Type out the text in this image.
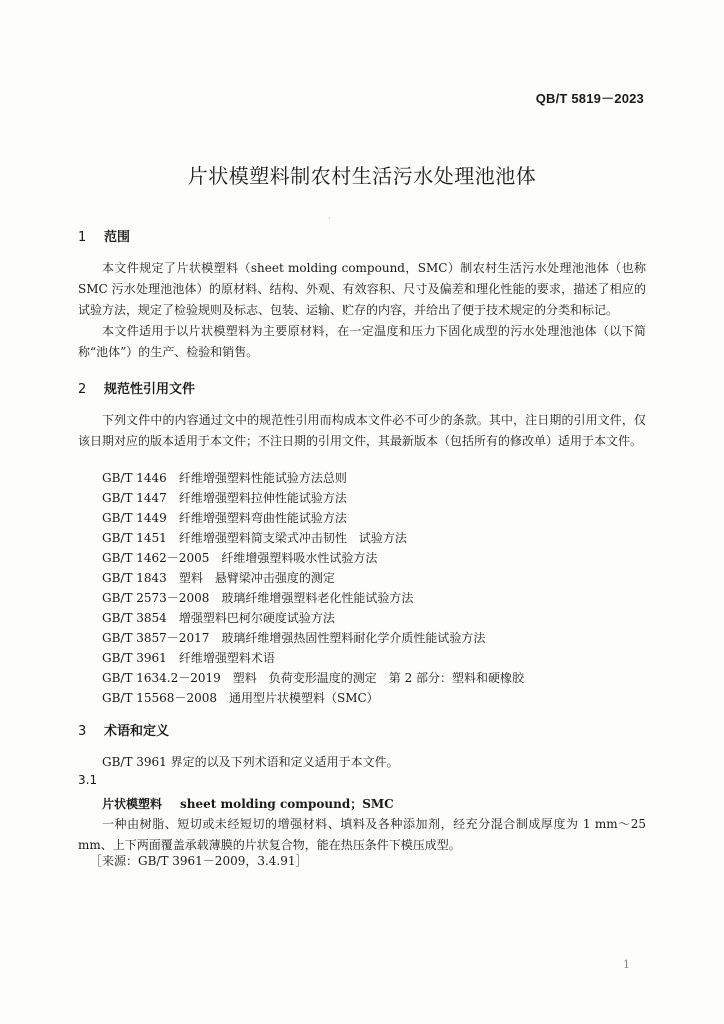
QB/T 5819－2023
片状模塑料制农村生活污水处理池池体
·
1 范围

本文件规定了片状模塑料（sheet molding compound，SMC）制农村生活污水处理池池体（也称 SMC 污水处理池池体）的原材料、结构、外观、有效容积、尺寸及偏差和理化性能的要求，描述了相应的试验方法，规定了检验规则及标志、包装、运输、贮存的内容，并给出了便于技术规定的分类和标记。

本文件适用于以片状模塑料为主要原材料，在一定温度和压力下固化成型的污水处理池池体（以下简称“池体”）的生产、检验和销售。

2 规范性引用文件

下列文件中的内容通过文中的规范性引用而构成本文件必不可少的条款。其中，注日期的引用文件，仅该日期对应的版本适用于本文件；不注日期的引用文件，其最新版本（包括所有的修改单）适用于本文件。

GB/T 1446 纤维增强塑料性能试验方法总则
GB/T 1447 纤维增强塑料拉伸性能试验方法
GB/T 1449 纤维增强塑料弯曲性能试验方法
GB/T 1451 纤维增强塑料简支梁式冲击韧性　试验方法
GB/T 1462－2005 纤维增强塑料吸水性试验方法
GB/T 1843 塑料　悬臂梁冲击强度的测定
GB/T 2573－2008 玻璃纤维增强塑料老化性能试验方法
GB/T 3854 增强塑料巴柯尔硬度试验方法
GB/T 3857－2017 玻璃纤维增强热固性塑料耐化学介质性能试验方法
GB/T 3961 纤维增强塑料术语
GB/T 1634.2－2019 塑料　负荷变形温度的测定　第 2 部分：塑料和硬橡胶
GB/T 15568－2008 通用型片状模塑料（SMC）
3 术语和定义

GB/T 3961 界定的以及下列术语和定义适用于本文件。

3.1
片状模塑料 sheet molding compound；SMC

一种由树脂、短切或未经短切的增强材料、填料及各种添加剂，经充分混合制成厚度为 1 mm～25 mm、上下两面覆盖承载薄膜的片状复合物，能在热压条件下模压成型。

［来源：GB/T 3961－2009，3.4.91］
1
